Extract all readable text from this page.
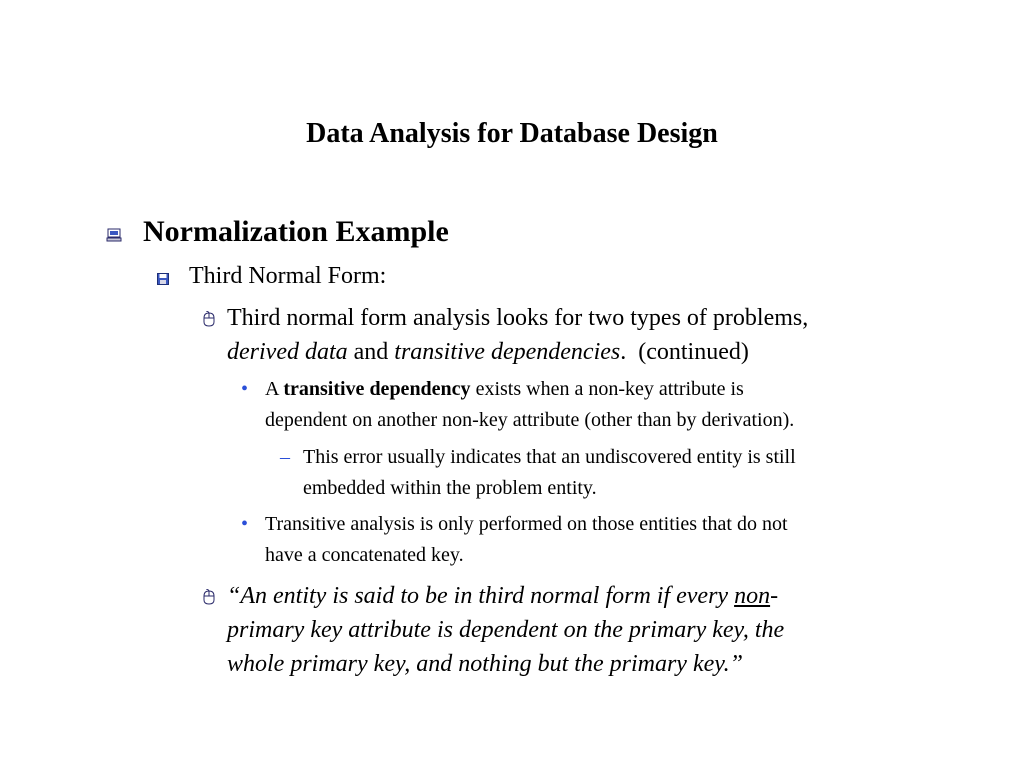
Data Analysis for Database Design
Normalization Example
Third Normal Form:
Third normal form analysis looks for two types of problems,
derived data and transitive dependencies.  (continued)
• A transitive dependency exists when a non-key attribute is
dependent on another non-key attribute (other than by derivation).
– This error usually indicates that an undiscovered entity is still
embedded within the problem entity.
• Transitive analysis is only performed on those entities that do not
have a concatenated key.
“An entity is said to be in third normal form if every non-
primary key attribute is dependent on the primary key, the
whole primary key, and nothing but the primary key.”
